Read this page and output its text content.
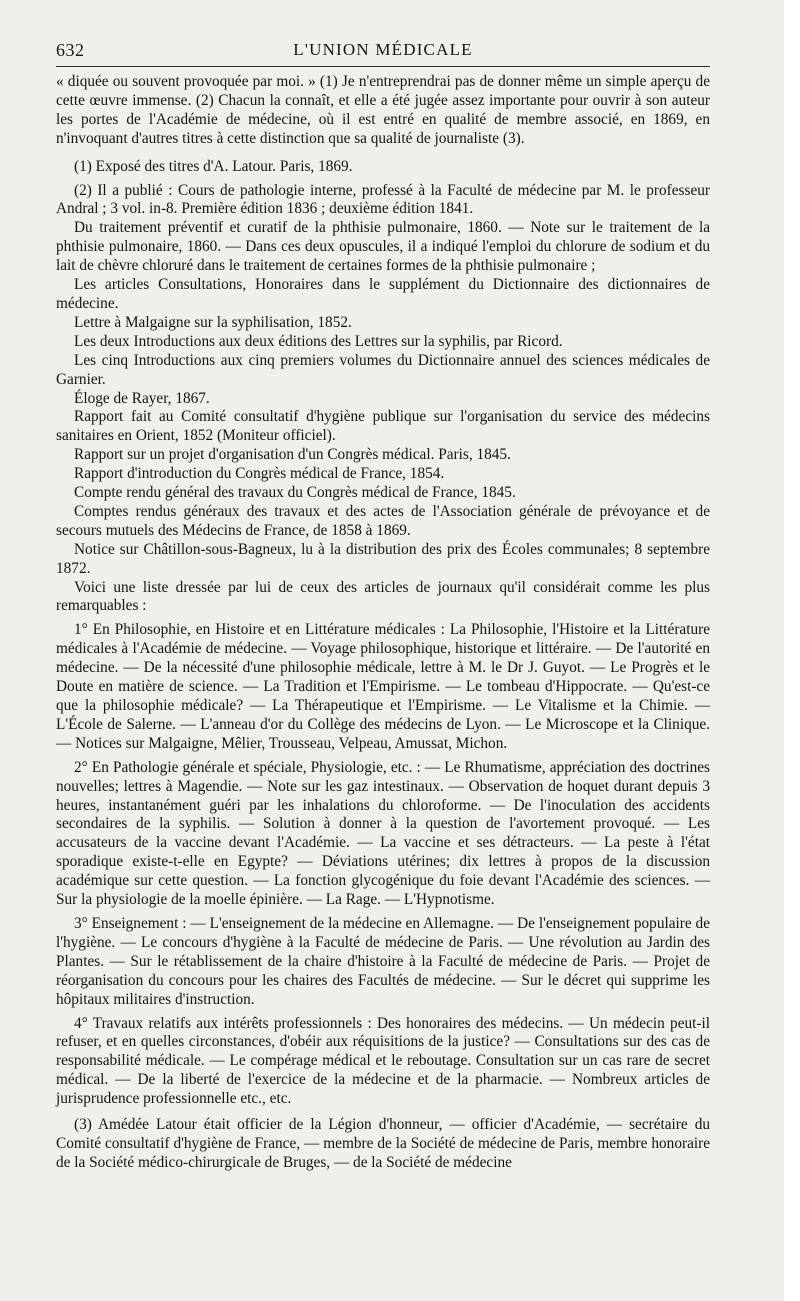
632	L'UNION MÉDICALE

« diquée ou souvent provoquée par moi. » (1) Je n'entreprendrai pas de donner même un simple aperçu de cette œuvre immense. (2) Chacun la connaît, et elle a été jugée assez importante pour ouvrir à son auteur les portes de l'Académie de médecine, où il est entré en qualité de membre associé, en 1869, en n'invoquant d'autres titres à cette distinction que sa qualité de journaliste (3).

(1) Exposé des titres d'A. Latour. Paris, 1869.

(2) Il a publié : Cours de pathologie interne, professé à la Faculté de médecine par M. le professeur Andral ; 3 vol. in-8. Première édition 1836 ; deuxième édition 1841.

Du traitement préventif et curatif de la phthisie pulmonaire, 1860. — Note sur le traitement de la phthisie pulmonaire, 1860. — Dans ces deux opuscules, il a indiqué l'emploi du chlorure de sodium et du lait de chèvre chloruré dans le traitement de certaines formes de la phthisie pulmonaire ;

Les articles Consultations, Honoraires dans le supplément du Dictionnaire des dictionnaires de médecine.

Lettre à Malgaigne sur la syphilisation, 1852.

Les deux Introductions aux deux éditions des Lettres sur la syphilis, par Ricord.

Les cinq Introductions aux cinq premiers volumes du Dictionnaire annuel des sciences médicales de Garnier.

Éloge de Rayer, 1867.

Rapport fait au Comité consultatif d'hygiène publique sur l'organisation du service des médecins sanitaires en Orient, 1852 (Moniteur officiel).

Rapport sur un projet d'organisation d'un Congrès médical. Paris, 1845.

Rapport d'introduction du Congrès médical de France, 1854.

Compte rendu général des travaux du Congrès médical de France, 1845.

Comptes rendus généraux des travaux et des actes de l'Association générale de prévoyance et de secours mutuels des Médecins de France, de 1858 à 1869.

Notice sur Châtillon-sous-Bagneux, lu à la distribution des prix des Écoles communales; 8 septembre 1872.

Voici une liste dressée par lui de ceux des articles de journaux qu'il considérait comme les plus remarquables :

1° En Philosophie, en Histoire et en Littérature médicales : La Philosophie, l'Histoire et la Littérature médicales à l'Académie de médecine. — Voyage philosophique, historique et littéraire. — De l'autorité en médecine. — De la nécessité d'une philosophie médicale, lettre à M. le Dr J. Guyot. — Le Progrès et le Doute en matière de science. — La Tradition et l'Empirisme. — Le tombeau d'Hippocrate. — Qu'est-ce que la philosophie médicale? — La Thérapeutique et l'Empirisme. — Le Vitalisme et la Chimie. — L'École de Salerne. — L'anneau d'or du Collège des médecins de Lyon. — Le Microscope et la Clinique. — Notices sur Malgaigne, Mêlier, Trousseau, Velpeau, Amussat, Michon.

2° En Pathologie générale et spéciale, Physiologie, etc. : — Le Rhumatisme, appréciation des doctrines nouvelles; lettres à Magendie. — Note sur les gaz intestinaux. — Observation de hoquet durant depuis 3 heures, instantanément guéri par les inhalations du chloroforme. — De l'inoculation des accidents secondaires de la syphilis. — Solution à donner à la question de l'avortement provoqué. — Les accusateurs de la vaccine devant l'Académie. — La vaccine et ses détracteurs. — La peste à l'état sporadique existe-t-elle en Egypte? — Déviations utérines; dix lettres à propos de la discussion académique sur cette question. — La fonction glycogénique du foie devant l'Académie des sciences. — Sur la physiologie de la moelle épinière. — La Rage. — L'Hypnotisme.

3° Enseignement : — L'enseignement de la médecine en Allemagne. — De l'enseignement populaire de l'hygiène. — Le concours d'hygiène à la Faculté de médecine de Paris. — Une révolution au Jardin des Plantes. — Sur le rétablissement de la chaire d'histoire à la Faculté de médecine de Paris. — Projet de réorganisation du concours pour les chaires des Facultés de médecine. — Sur le décret qui supprime les hôpitaux militaires d'instruction.

4° Travaux relatifs aux intérêts professionnels : Des honoraires des médecins. — Un médecin peut-il refuser, et en quelles circonstances, d'obéir aux réquisitions de la justice? — Consultations sur des cas de responsabilité médicale. — Le compérage médical et le reboutage. Consultation sur un cas rare de secret médical. — De la liberté de l'exercice de la médecine et de la pharmacie. — Nombreux articles de jurisprudence professionnelle etc., etc.

(3) Amédée Latour était officier de la Légion d'honneur, — officier d'Académie, — secrétaire du Comité consultatif d'hygiène de France, — membre de la Société de médecine de Paris, membre honoraire de la Société médico-chirurgicale de Bruges, — de la Société de médecine
